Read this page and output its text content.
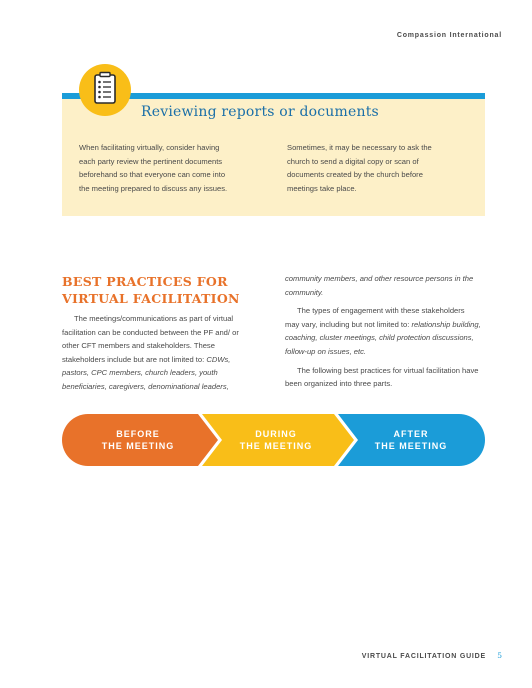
Compassion International
Reviewing reports or documents
When facilitating virtually, consider having
each party review the pertinent documents
beforehand so that everyone can come into
the meeting prepared to discuss any issues.
Sometimes, it may be necessary to ask the
church to send a digital copy or scan of
documents created by the church before
meetings take place.
BEST PRACTICES FOR
VIRTUAL FACILITATION

The meetings/communications as part of virtual facilitation can be conducted between the PF and/ or other CFT members and stakeholders. These stakeholders include but are not limited to: CDWs, pastors, CPC members, church leaders, youth beneficiaries, caregivers, denominational leaders,

community members, and other resource persons in the community.

The types of engagement with these stakeholders may vary, including but not limited to: relationship building, coaching, cluster meetings, child protection discussions, follow-up on issues, etc.

The following best practices for virtual facilitation have been organized into three parts.

BEFORE
THE MEETING
DURING
THE MEETING
AFTER
THE MEETING
VIRTUAL FACILITATION GUIDE 5
